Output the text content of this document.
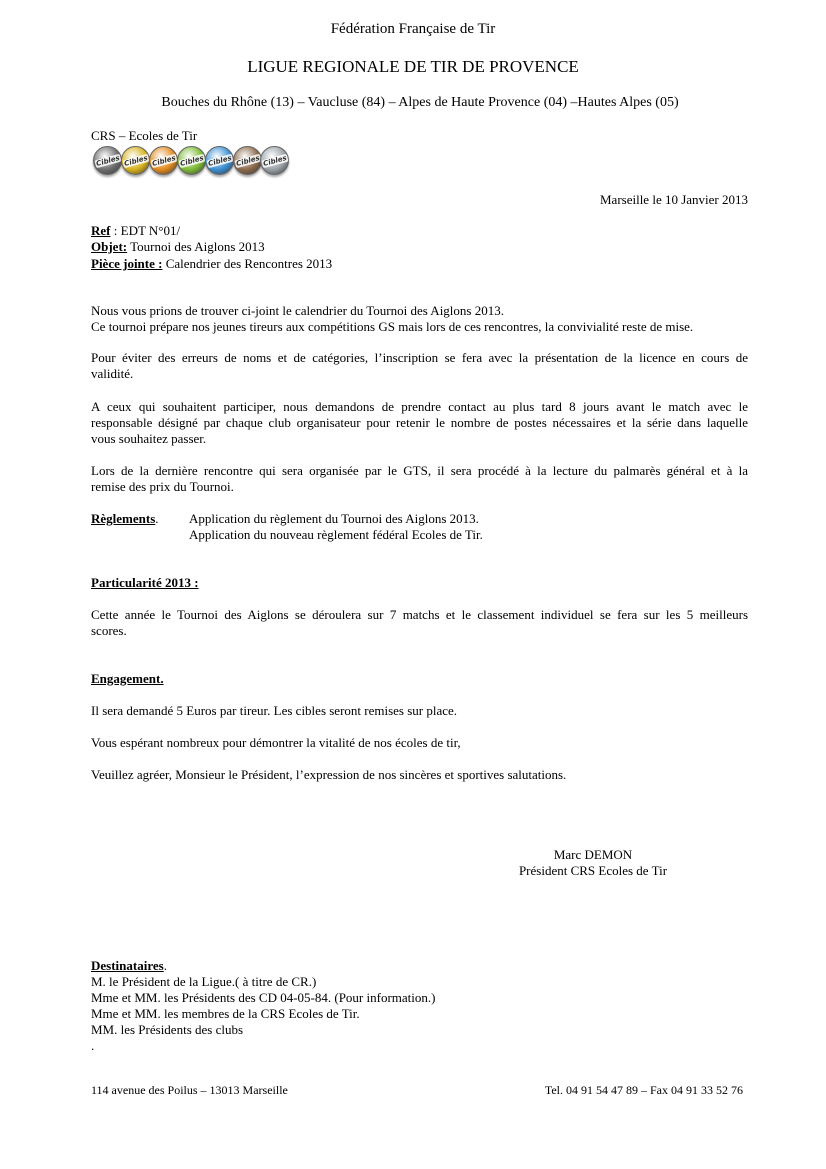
Fédération Française de Tir
LIGUE REGIONALE DE TIR DE PROVENCE
Bouches du Rhône (13) – Vaucluse (84) – Alpes de Haute Provence (04) –Hautes Alpes (05)
CRS – Ecoles de Tir
Cibles Cibles Cibles Cibles Cibles Cibles Cibles
Marseille le 10 Janvier 2013
Ref : EDT N°01/
Objet: Tournoi des Aiglons 2013
Pièce jointe : Calendrier des Rencontres 2013
Nous vous prions de trouver ci-joint le calendrier du Tournoi des Aiglons 2013.
Ce tournoi prépare nos jeunes tireurs aux compétitions GS mais lors de ces rencontres, la convivialité reste de mise.
Pour éviter des erreurs de noms et de catégories, l’inscription se fera avec la présentation de la licence en cours de
validité.
A ceux qui souhaitent participer, nous demandons de prendre contact au plus tard 8 jours avant le match avec le
responsable désigné par chaque club organisateur pour retenir le nombre de postes nécessaires et la série dans laquelle
vous souhaitez passer.
Lors de la dernière rencontre qui sera organisée par le GTS, il sera procédé à la lecture du palmarès général et à la
remise des prix du Tournoi.
Règlements. Application du règlement du Tournoi des Aiglons 2013.
Application du nouveau règlement fédéral Ecoles de Tir.
Particularité 2013 :
Cette année le Tournoi des Aiglons se déroulera sur 7 matchs et le classement individuel se fera sur les 5 meilleurs
scores.
Engagement.
Il sera demandé 5 Euros par tireur. Les cibles seront remises sur place.
Vous espérant nombreux pour démontrer la vitalité de nos écoles de tir,
Veuillez agréer, Monsieur le Président, l’expression de nos sincères et sportives salutations.
Marc DEMON
Président CRS Ecoles de Tir
Destinataires.
M. le Président de la Ligue.( à titre de CR.)
Mme et MM. les Présidents des CD 04-05-84. (Pour information.)
Mme et MM. les membres de la CRS Ecoles de Tir.
MM. les Présidents des clubs
.
114 avenue des Poilus – 13013 Marseille	Tel. 04 91 54 47 89 – Fax 04 91 33 52 76
